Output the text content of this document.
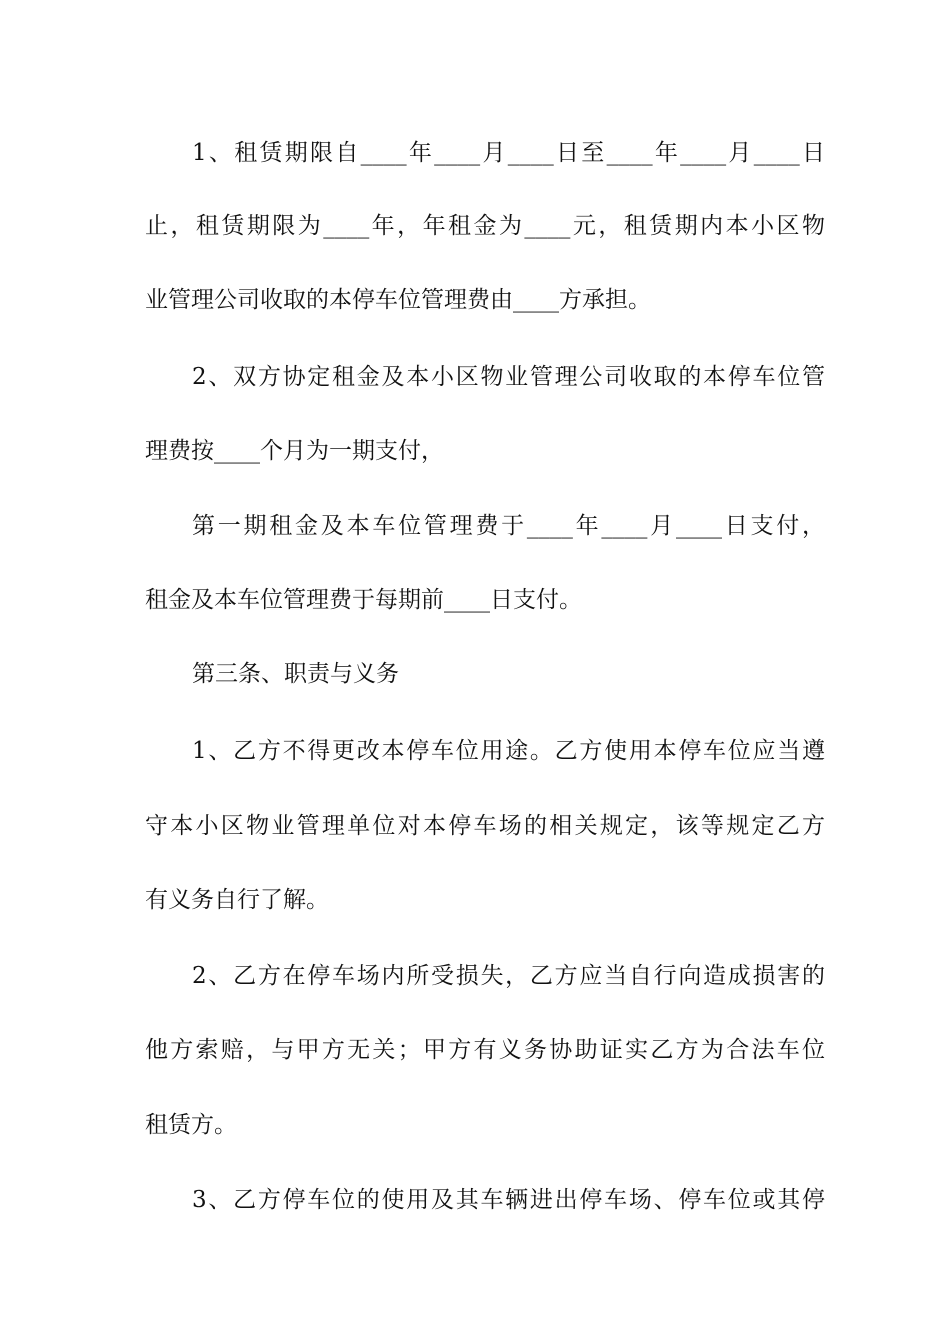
1、租赁期限自____年____月____日至____年____月____日
止，租赁期限为____年，年租金为____元，租赁期内本小区物
业管理公司收取的本停车位管理费由____方承担。
2、双方协定租金及本小区物业管理公司收取的本停车位管
理费按____个月为一期支付，
第一期租金及本车位管理费于____年____月____日支付，
租金及本车位管理费于每期前____日支付。
第三条、职责与义务
1、乙方不得更改本停车位用途。乙方使用本停车位应当遵
守本小区物业管理单位对本停车场的相关规定，该等规定乙方
有义务自行了解。
2、乙方在停车场内所受损失，乙方应当自行向造成损害的
他方索赔，与甲方无关；甲方有义务协助证实乙方为合法车位
租赁方。
3、乙方停车位的使用及其车辆进出停车场、停车位或其停
